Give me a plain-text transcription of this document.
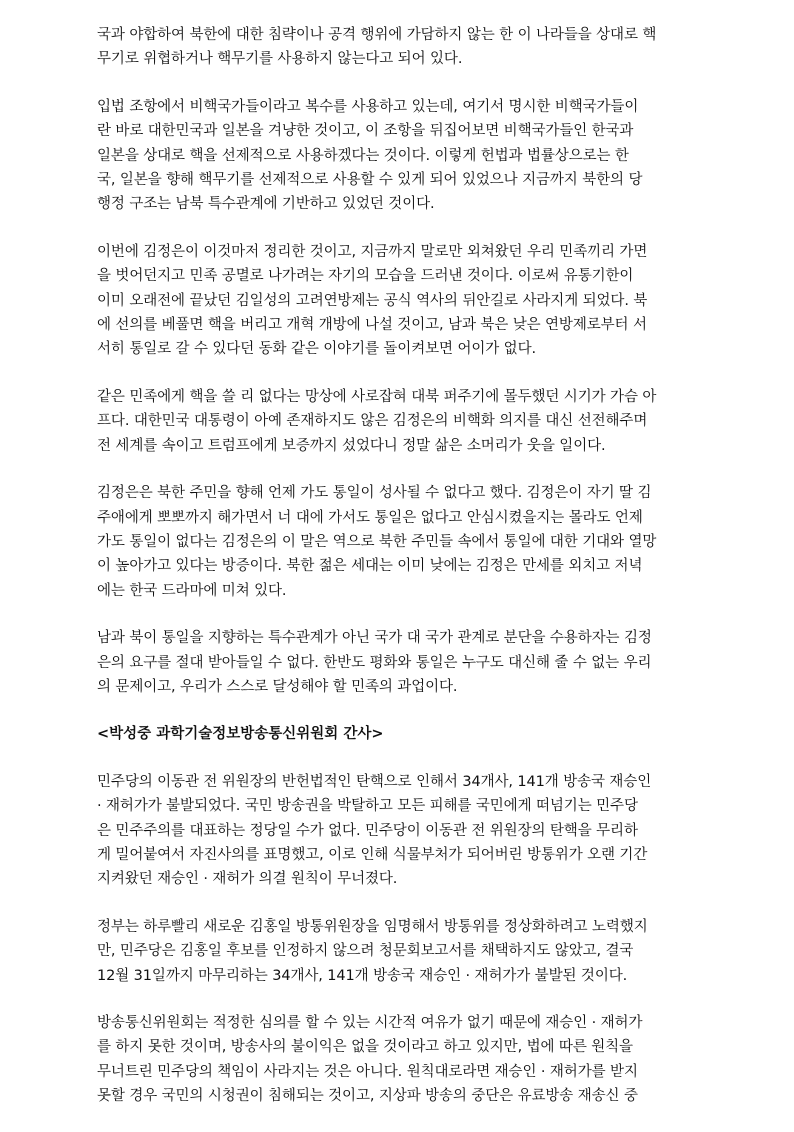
국과 야합하여 북한에 대한 침략이나 공격 행위에 가담하지 않는 한 이 나라들을 상대로 핵
무기로 위협하거나 핵무기를 사용하지 않는다고 되어 있다.

입법 조항에서 비핵국가들이라고 복수를 사용하고 있는데, 여기서 명시한 비핵국가들이
란 바로 대한민국과 일본을 겨냥한 것이고, 이 조항을 뒤집어보면 비핵국가들인 한국과
일본을 상대로 핵을 선제적으로 사용하겠다는 것이다. 이렇게 헌법과 법률상으로는 한
국, 일본을 향해 핵무기를 선제적으로 사용할 수 있게 되어 있었으나 지금까지 북한의 당
행정 구조는 남북 특수관계에 기반하고 있었던 것이다.

이번에 김정은이 이것마저 정리한 것이고, 지금까지 말로만 외쳐왔던 우리 민족끼리 가면
을 벗어던지고 민족 공멸로 나가려는 자기의 모습을 드러낸 것이다. 이로써 유통기한이
이미 오래전에 끝났던 김일성의 고려연방제는 공식 역사의 뒤안길로 사라지게 되었다. 북
에 선의를 베풀면 핵을 버리고 개혁 개방에 나설 것이고, 남과 북은 낮은 연방제로부터 서
서히 통일로 갈 수 있다던 동화 같은 이야기를 돌이켜보면 어이가 없다.

같은 민족에게 핵을 쓸 리 없다는 망상에 사로잡혀 대북 퍼주기에 몰두했던 시기가 가슴 아
프다. 대한민국 대통령이 아예 존재하지도 않은 김정은의 비핵화 의지를 대신 선전해주며
전 세계를 속이고 트럼프에게 보증까지 섰었다니 정말 삶은 소머리가 웃을 일이다.

김정은은 북한 주민을 향해 언제 가도 통일이 성사될 수 없다고 했다. 김정은이 자기 딸 김
주애에게 뽀뽀까지 해가면서 너 대에 가서도 통일은 없다고 안심시켰을지는 몰라도 언제
가도 통일이 없다는 김정은의 이 말은 역으로 북한 주민들 속에서 통일에 대한 기대와 열망
이 높아가고 있다는 방증이다. 북한 젊은 세대는 이미 낮에는 김정은 만세를 외치고 저녁
에는 한국 드라마에 미쳐 있다.

남과 북이 통일을 지향하는 특수관계가 아닌 국가 대 국가 관계로 분단을 수용하자는 김정
은의 요구를 절대 받아들일 수 없다. 한반도 평화와 통일은 누구도 대신해 줄 수 없는 우리
의 문제이고, 우리가 스스로 달성해야 할 민족의 과업이다.

<박성중 과학기술정보방송통신위원회 간사>

민주당의 이동관 전 위원장의 반헌법적인 탄핵으로 인해서 34개사, 141개 방송국 재승인
· 재허가가 불발되었다. 국민 방송권을 박탈하고 모든 피해를 국민에게 떠넘기는 민주당
은 민주주의를 대표하는 정당일 수가 없다. 민주당이 이동관 전 위원장의 탄핵을 무리하
게 밀어붙여서 자진사의를 표명했고, 이로 인해 식물부처가 되어버린 방통위가 오랜 기간
지켜왔던 재승인 · 재허가 의결 원칙이 무너졌다.

정부는 하루빨리 새로운 김홍일 방통위원장을 임명해서 방통위를 정상화하려고 노력했지
만, 민주당은 김홍일 후보를 인정하지 않으려 청문회보고서를 채택하지도 않았고, 결국
12월 31일까지 마무리하는 34개사, 141개 방송국 재승인 · 재허가가 불발된 것이다.

방송통신위원회는 적정한 심의를 할 수 있는 시간적 여유가 없기 때문에 재승인 · 재허가
를 하지 못한 것이며, 방송사의 불이익은 없을 것이라고 하고 있지만, 법에 따른 원칙을
무너트린 민주당의 책임이 사라지는 것은 아니다. 원칙대로라면 재승인 · 재허가를 받지
못할 경우 국민의 시청권이 침해되는 것이고, 지상파 방송의 중단은 유료방송 재송신 중
